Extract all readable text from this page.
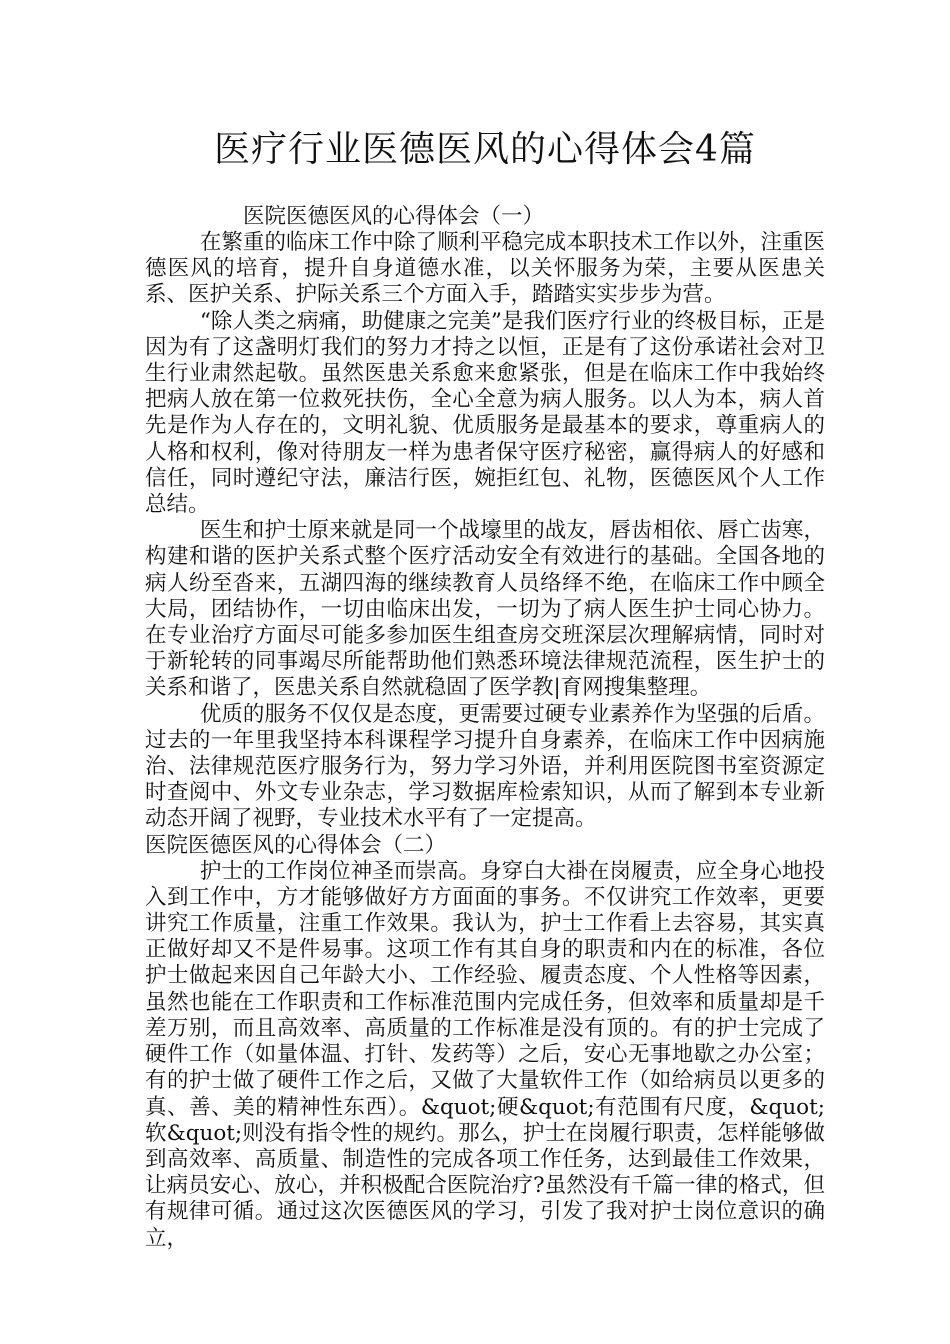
医疗行业医德医风的心得体会4篇
医院医德医风的心得体会（一）

在繁重的临床工作中除了顺利平稳完成本职技术工作以外，注重医德医风的培育，提升自身道德水准，以关怀服务为荣，主要从医患关系、医护关系、护际关系三个方面入手，踏踏实实步步为营。

“除人类之病痛，助健康之完美”是我们医疗行业的终极目标，正是因为有了这盏明灯我们的努力才持之以恒，正是有了这份承诺社会对卫生行业肃然起敬。虽然医患关系愈来愈紧张，但是在临床工作中我始终把病人放在第一位救死扶伤，全心全意为病人服务。以人为本，病人首先是作为人存在的，文明礼貌、优质服务是最基本的要求，尊重病人的人格和权利，像对待朋友一样为患者保守医疗秘密，赢得病人的好感和信任，同时遵纪守法，廉洁行医，婉拒红包、礼物，医德医风个人工作总结。

医生和护士原来就是同一个战壕里的战友，唇齿相依、唇亡齿寒，构建和谐的医护关系式整个医疗活动安全有效进行的基础。全国各地的病人纷至沓来，五湖四海的继续教育人员络绎不绝，在临床工作中顾全大局，团结协作，一切由临床出发，一切为了病人医生护士同心协力。在专业治疗方面尽可能多参加医生组查房交班深层次理解病情，同时对于新轮转的同事竭尽所能帮助他们熟悉环境法律规范流程，医生护士的关系和谐了，医患关系自然就稳固了医学教|育网搜集整理。

优质的服务不仅仅是态度，更需要过硬专业素养作为坚强的后盾。过去的一年里我坚持本科课程学习提升自身素养，在临床工作中因病施治、法律规范医疗服务行为，努力学习外语，并利用医院图书室资源定时查阅中、外文专业杂志，学习数据库检索知识，从而了解到本专业新动态开阔了视野，专业技术水平有了一定提高。

医院医德医风的心得体会（二）

护士的工作岗位神圣而崇高。身穿白大褂在岗履责，应全身心地投入到工作中，方才能够做好方方面面的事务。不仅讲究工作效率，更要讲究工作质量，注重工作效果。我认为，护士工作看上去容易，其实真正做好却又不是件易事。这项工作有其自身的职责和内在的标准，各位护士做起来因自己年龄大小、工作经验、履责态度、个人性格等因素，虽然也能在工作职责和工作标准范围内完成任务，但效率和质量却是千差万别，而且高效率、高质量的工作标准是没有顶的。有的护士完成了硬件工作（如量体温、打针、发药等）之后，安心无事地歇之办公室；有的护士做了硬件工作之后，又做了大量软件工作（如给病员以更多的真、善、美的精神性东西）。&quot;硬&quot;有范围有尺度，&quot;软&quot;则没有指令性的规约。那么，护士在岗履行职责，怎样能够做到高效率、高质量、制造性的完成各项工作任务，达到最佳工作效果，让病员安心、放心，并积极配合医院治疗?虽然没有千篇一律的格式，但有规律可循。通过这次医德医风的学习，引发了我对护士岗位意识的确立，
